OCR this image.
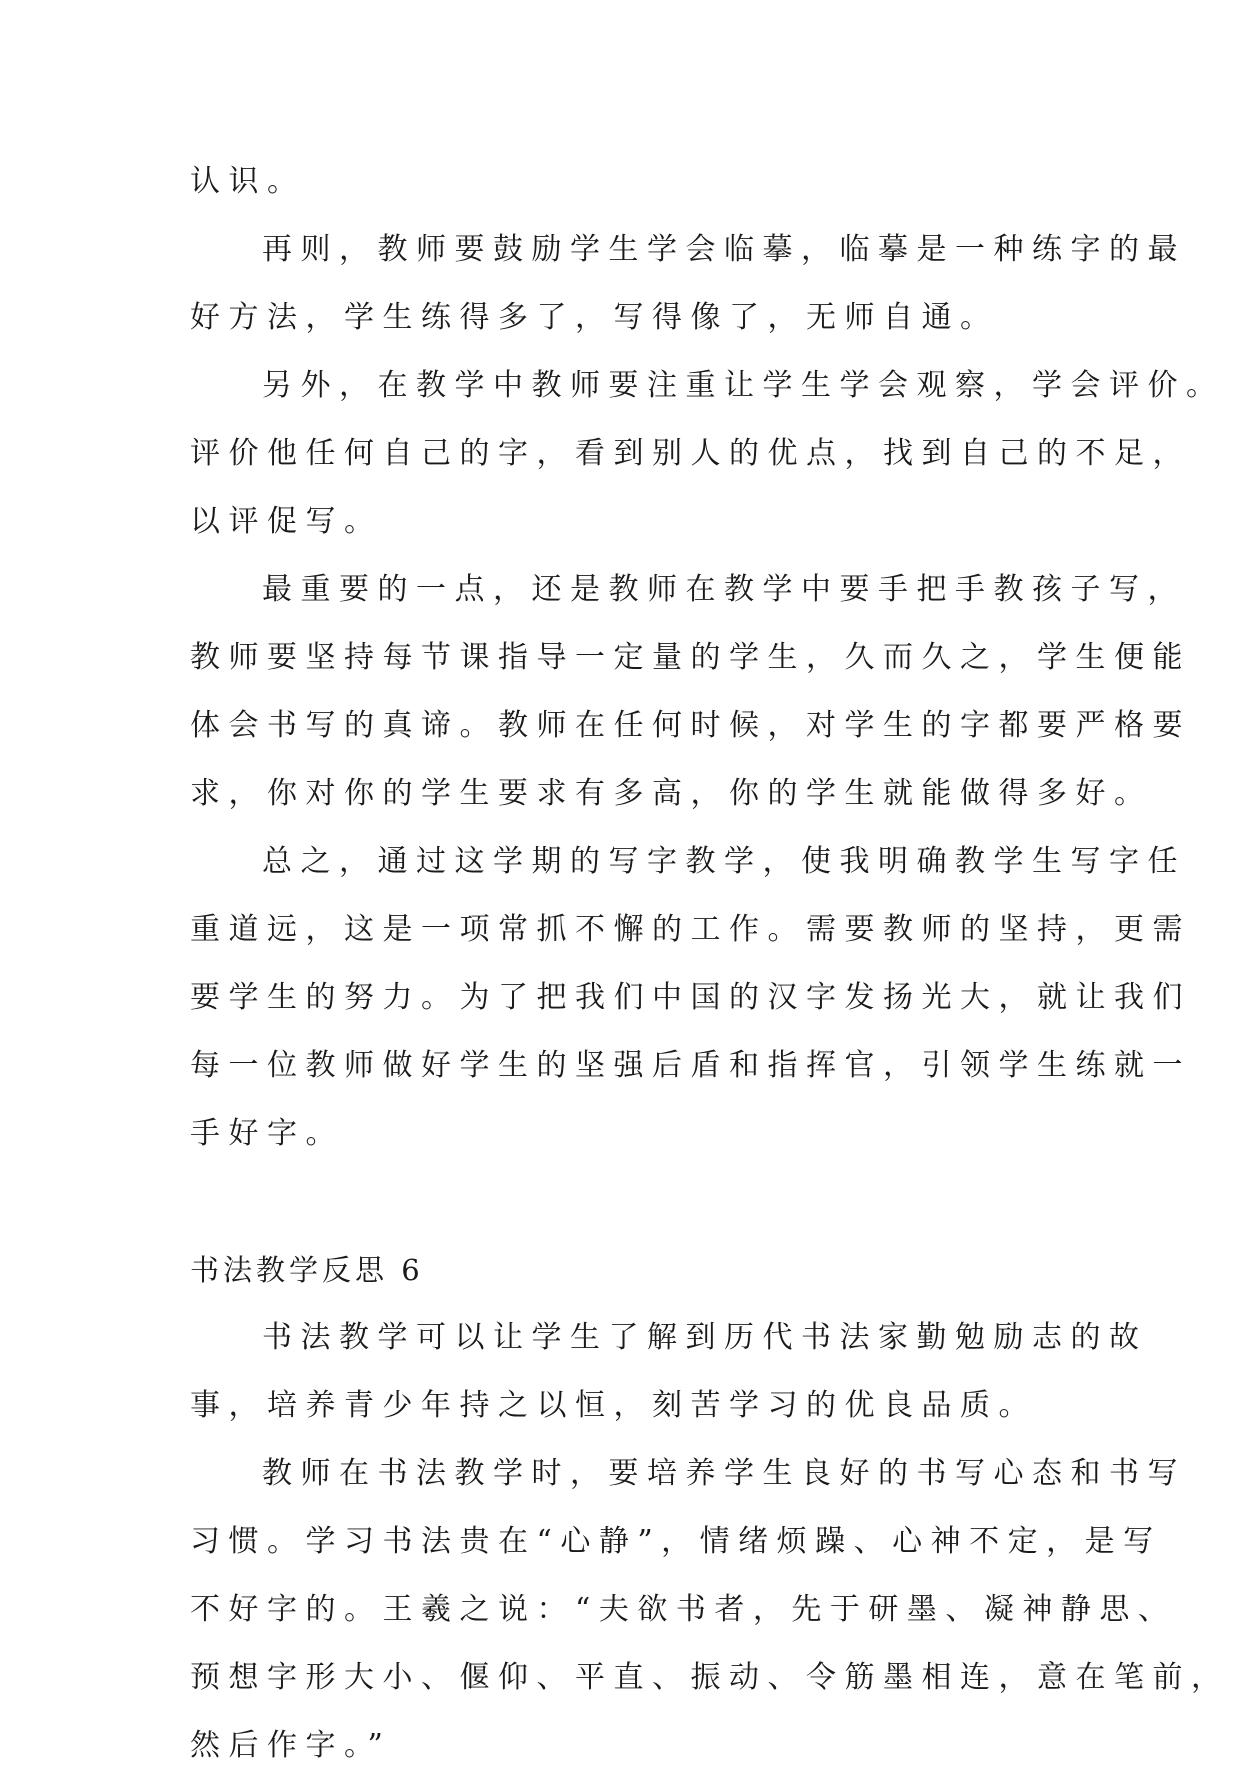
认识。
再则，教师要鼓励学生学会临摹，临摹是一种练字的最
好方法，学生练得多了，写得像了，无师自通。
另外，在教学中教师要注重让学生学会观察，学会评价。
评价他任何自己的字，看到别人的优点，找到自己的不足，
以评促写。
最重要的一点，还是教师在教学中要手把手教孩子写，
教师要坚持每节课指导一定量的学生，久而久之，学生便能
体会书写的真谛。教师在任何时候，对学生的字都要严格要
求，你对你的学生要求有多高，你的学生就能做得多好。
总之，通过这学期的写字教学，使我明确教学生写字任
重道远，这是一项常抓不懈的工作。需要教师的坚持，更需
要学生的努力。为了把我们中国的汉字发扬光大，就让我们
每一位教师做好学生的坚强后盾和指挥官，引领学生练就一
手好字。
书法教学反思 6
书法教学可以让学生了解到历代书法家勤勉励志的故
事，培养青少年持之以恒，刻苦学习的优良品质。
教师在书法教学时，要培养学生良好的书写心态和书写
习惯。学习书法贵在“心静”，情绪烦躁、心神不定，是写
不好字的。王羲之说：“夫欲书者，先于研墨、凝神静思、
预想字形大小、偃仰、平直、振动、令筋墨相连，意在笔前，
然后作字。”
